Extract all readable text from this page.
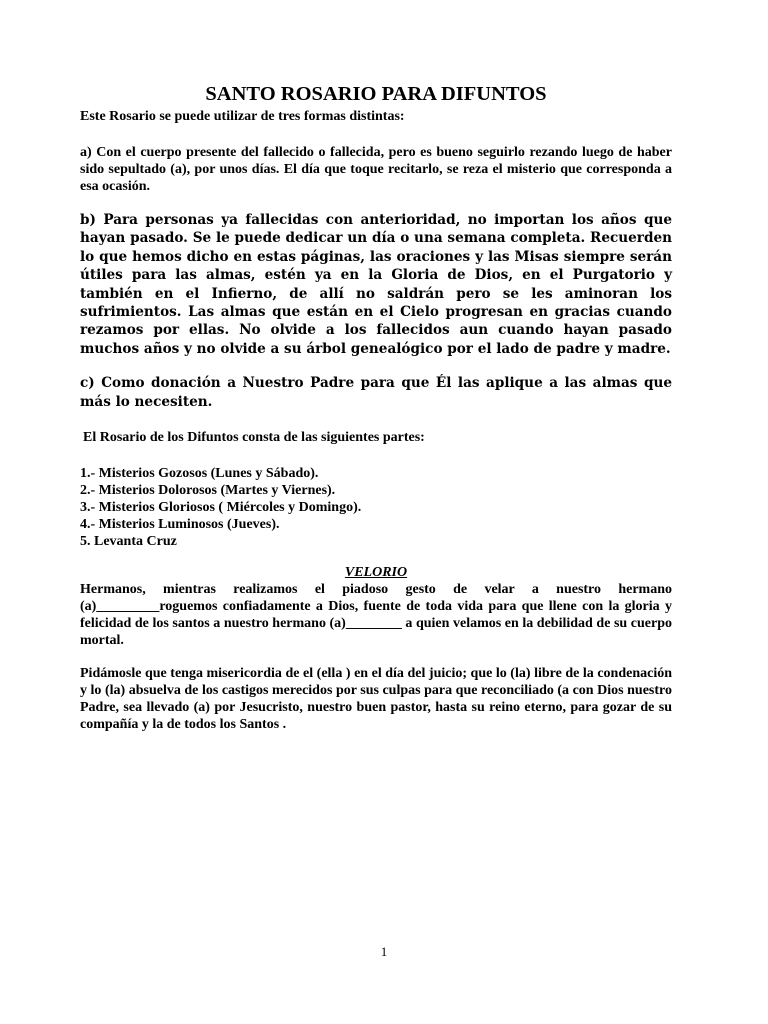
SANTO ROSARIO PARA DIFUNTOS

Este Rosario se puede utilizar de tres formas distintas:

a) Con el cuerpo presente del fallecido o fallecida, pero es bueno seguirlo rezando luego de haber sido sepultado (a), por unos días. El día que toque recitarlo, se reza el misterio que corresponda a esa ocasión.

b) Para personas ya fallecidas con anterioridad, no importan los años que hayan pasado. Se le puede dedicar un día o una semana completa. Recuerden lo que hemos dicho en estas páginas, las oraciones y las Misas siempre serán útiles para las almas, estén ya en la Gloria de Dios, en el Purgatorio y también en el Infierno, de allí no saldrán pero se les aminoran los sufrimientos. Las almas que están en el Cielo progresan en gracias cuando rezamos por ellas. No olvide a los fallecidos aun cuando hayan pasado muchos años y no olvide a su árbol genealógico por el lado de padre y madre.

c) Como donación a Nuestro Padre para que Él las aplique a las almas que más lo necesiten.

El Rosario de los Difuntos consta de las siguientes partes:

1.- Misterios Gozosos (Lunes y Sábado).
2.- Misterios Dolorosos (Martes y Viernes).
3.- Misterios Gloriosos ( Miércoles y Domingo).
4.- Misterios Luminosos (Jueves).
5. Levanta Cruz

VELORIO

Hermanos, mientras realizamos el piadoso gesto de velar a nuestro hermano (a)_________roguemos confiadamente a Dios, fuente de toda vida para que llene con la gloria y felicidad de los santos a nuestro hermano (a)________ a quien velamos en la debilidad de su cuerpo mortal.

Pidámosle que tenga misericordia de el (ella ) en el día del juicio; que lo (la) libre de la condenación y lo (la) absuelva de los castigos merecidos por sus culpas para que reconciliado (a con Dios nuestro Padre, sea llevado (a) por Jesucristo, nuestro buen pastor, hasta su reino eterno, para gozar de su compañía y la de todos los Santos .

1
